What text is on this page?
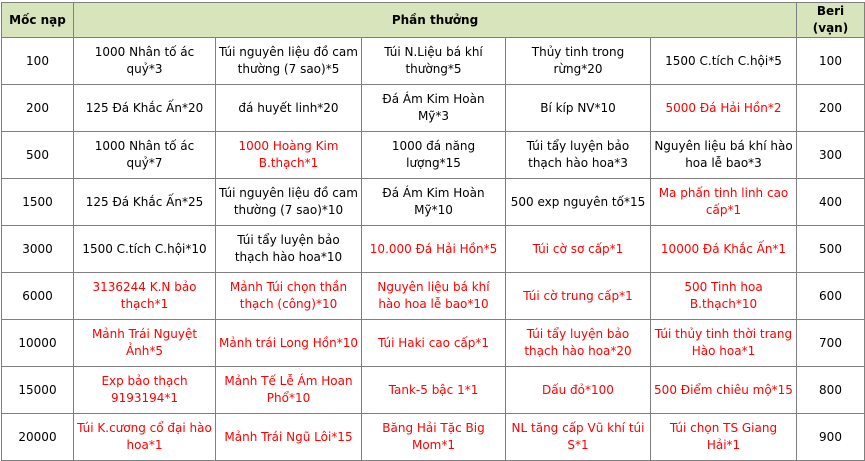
Mốc nạp	Phần thưởng					Beri (vạn)
100	1000 Nhân tố ác quỷ*3	Túi nguyên liệu đồ cam thường (7 sao)*5	Túi N.Liệu bá khí thường*5	Thủy tinh trong rừng*20	1500 C.tích C.hội*5	100
200	125 Đá Khắc Ấn*20	đá huyết linh*20	Đá Ám Kim Hoàn Mỹ*3	Bí kíp NV*10	5000 Đá Hải Hồn*2	200
500	1000 Nhân tố ác quỷ*7	1000 Hoàng Kim B.thạch*1	1000 đá năng lượng*15	Túi tẩy luyện bảo thạch hào hoa*3	Nguyên liệu bá khí hào hoa lễ bao*3	300
1500	125 Đá Khắc Ấn*25	Túi nguyên liệu đồ cam thường (7 sao)*10	Đá Ám Kim Hoàn Mỹ*10	500 exp nguyên tố*15	Ma phấn tinh linh cao cấp*1	400
3000	1500 C.tích C.hội*10	Túi tẩy luyện bảo thạch hào hoa*10	10.000 Đá Hải Hồn*5	Túi cờ sơ cấp*1	10000 Đá Khắc Ấn*1	500
6000	3136244 K.N bảo thạch*1	Mảnh Túi chọn thần thạch (công)*10	Nguyên liệu bá khí hào hoa lễ bao*10	Túi cờ trung cấp*1	500 Tinh hoa B.thạch*10	600
10000	Mảnh Trái Nguyệt Ảnh*5	Mảnh trái Long Hồn*10	Túi Haki cao cấp*1	Túi tẩy luyện bảo thạch hào hoa*20	Túi thủy tinh thời trang Hào hoa*1	700
15000	Exp bảo thạch 9193194*1	Mảnh Tế Lễ Ám Hoan Phổ*10	Tank-5 bậc 1*1	Dấu đỏ*100	500 Điểm chiêu mộ*15	800
20000	Túi K.cương cổ đại hào hoa*1	Mảnh Trái Ngũ Lôi*15	Băng Hải Tặc Big Mom*1	NL tăng cấp Vũ khí túi S*1	Túi chọn TS Giang Hải*1	900
